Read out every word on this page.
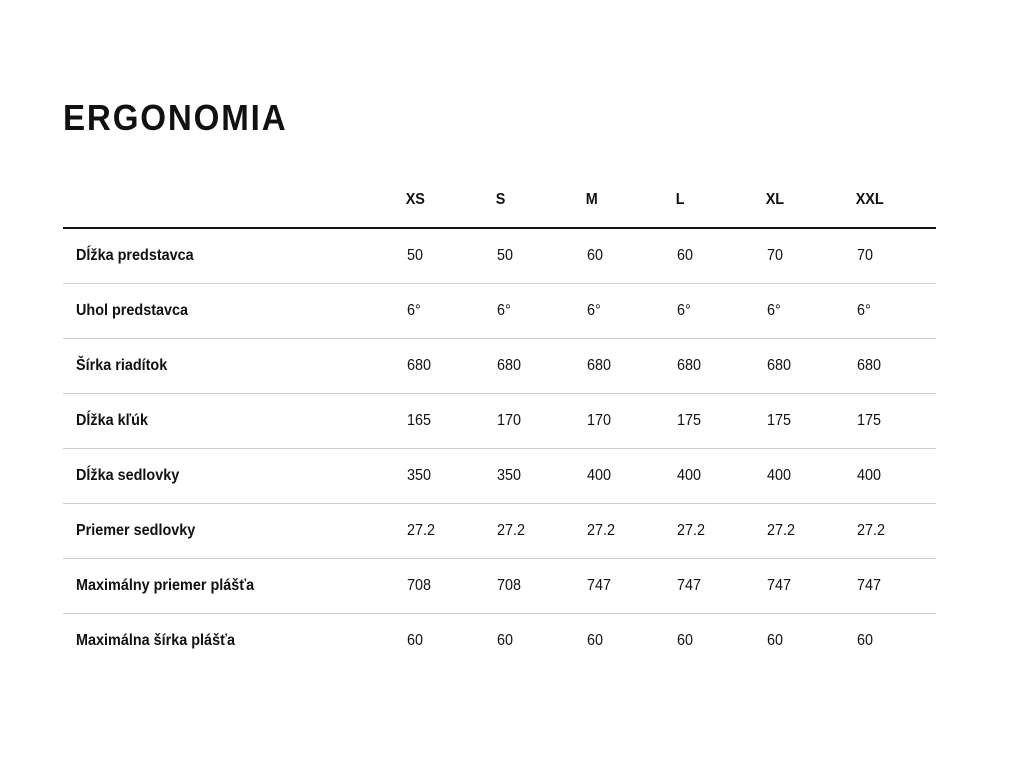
ERGONOMIA
	XS	S	M	L	XL	XXL
Dĺžka predstavca	50	50	60	60	70	70
Uhol predstavca	6°	6°	6°	6°	6°	6°
Šírka riadítok	680	680	680	680	680	680
Dĺžka kľúk	165	170	170	175	175	175
Dĺžka sedlovky	350	350	400	400	400	400
Priemer sedlovky	27.2	27.2	27.2	27.2	27.2	27.2
Maximálny priemer plášťa	708	708	747	747	747	747
Maximálna šírka plášťa	60	60	60	60	60	60
